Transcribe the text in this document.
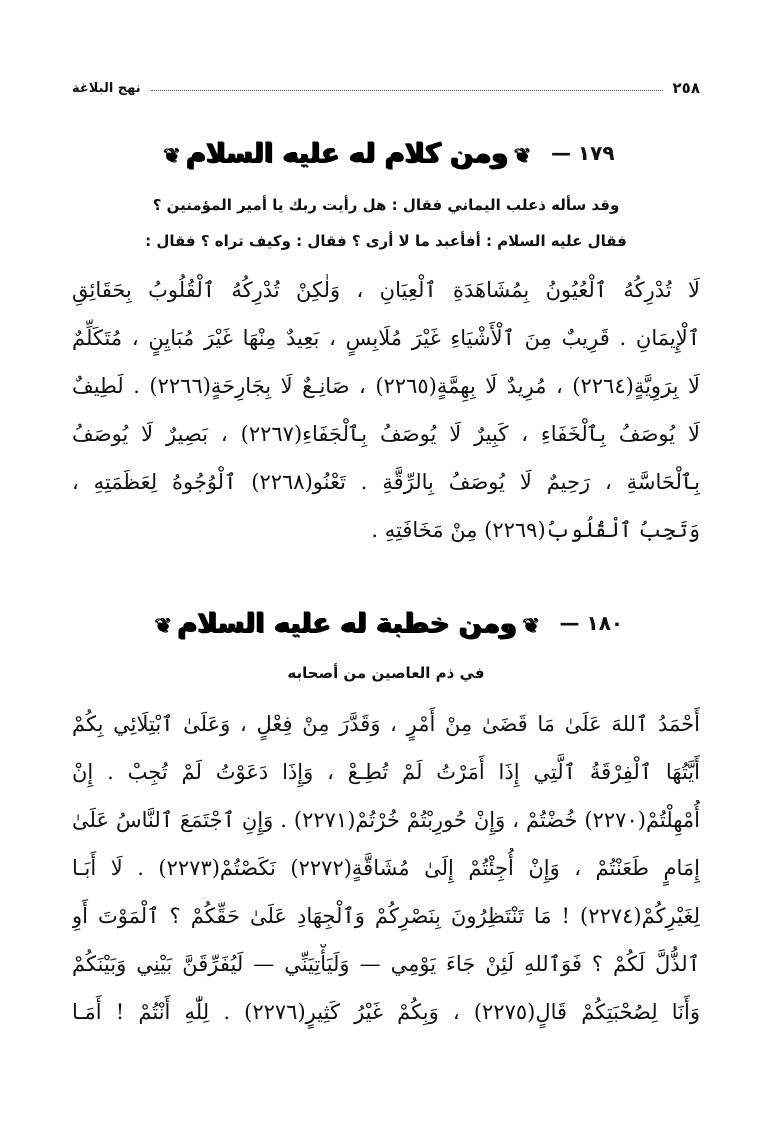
٢٥٨
نهج البلاغة
١٧٩ —
❦ ومن كلام له عليه السلام ❦
وقد سأله ذعلب اليماني فقال : هل رأيت ربك يا أمير المؤمنين ؟
فقال عليه السلام : أفأعبد ما لا أرى ؟ فقال : وكيف تراه ؟ فقال :
لَا تُدْرِكُهُ ٱلْعُيُونُ بِمُشَاهَدَةِ ٱلْعِيَانِ ، وَلٰكِنْ تُدْرِكُهُ ٱلْقُلُوبُ بِحَقَائِقِ
ٱلْإِيمَانِ . قَرِيبٌ مِنَ ٱلْأَشْيَاءِ غَيْرَ مُلَابِسٍ ، بَعِيدٌ مِنْهَا غَيْرَ مُبَايِنٍ ، مُتَكَلِّمٌ
لَا بِرَوِيَّةٍ(٢٢٦٤) ، مُرِيدٌ لَا بِهِمَّةٍ(٢٢٦٥) ، صَانِـعٌ لَا بِجَارِحَةٍ(٢٢٦٦) . لَطِيفٌ
لَا يُوصَفُ بِٱلْخَفَاءِ ، كَبِيرٌ لَا يُوصَفُ بِٱلْجَفَاءِ(٢٢٦٧) ، بَصِيرٌ لَا يُوصَفُ
بِٱلْحَاسَّةِ ، رَحِيمٌ لَا يُوصَفُ بِالرِّقَّةِ . تَعْنُو(٢٢٦٨) ٱلْوُجُوهُ لِعَظَمَتِهِ ،
وَتَجِبُ ٱلْقُلُوبُ(٢٢٦٩) مِنْ مَخَافَتِهِ .
١٨٠ —
❦ ومن خطبة له عليه السلام ❦
في ذم العاصين من أصحابه
أَحْمَدُ ٱللهَ عَلَىٰ مَا قَضَىٰ مِنْ أَمْرٍ ، وَقَدَّرَ مِنْ فِعْلٍ ، وَعَلَىٰ ٱبْتِلَائِي بِكُمْ
أَيَّتُهَا ٱلْفِرْقَةُ ٱلَّتِي إِذَا أَمَرْتُ لَمْ تُطِـعْ ، وَإِذَا دَعَوْتُ لَمْ تُجِبْ . إِنْ
أُمْهِلْتُمْ(٢٢٧٠) خُضْتُمْ ، وَإِنْ حُورِبْتُمْ خُرْتُمْ(٢٢٧١) . وَإِنِ ٱجْتَمَعَ ٱلنَّاسُ عَلَىٰ
إِمَامٍ طَعَنْتُمْ ، وَإِنْ أُجِئْتُمْ إِلَىٰ مُشَاقَّةٍ(٢٢٧٢) نَكَصْتُمْ(٢٢٧٣) . لَا أَبَـا
لِغَيْرِكُمْ(٢٢٧٤) ! مَا تَنْتَظِرُونَ بِنَصْرِكُمْ وَٱلْجِهَادِ عَلَىٰ حَقِّكُمْ ؟ ٱلْمَوْتَ أَوِ
ٱلذُّلَّ لَكُمْ ؟ فَوَٱللهِ لَئِنْ جَاءَ يَوْمِي — وَلَيَأْتِيَنِّي — لَيُفَرِّقَنَّ بَيْنِي وَبَيْنَكُمْ
وَأَنَا لِصُحْبَتِكُمْ قَالٍ(٢٢٧٥) ، وَبِكُمْ غَيْرُ كَثِيرٍ(٢٢٧٦) . لِلّٰهِ أَنْتُمْ ! أَمَـا
